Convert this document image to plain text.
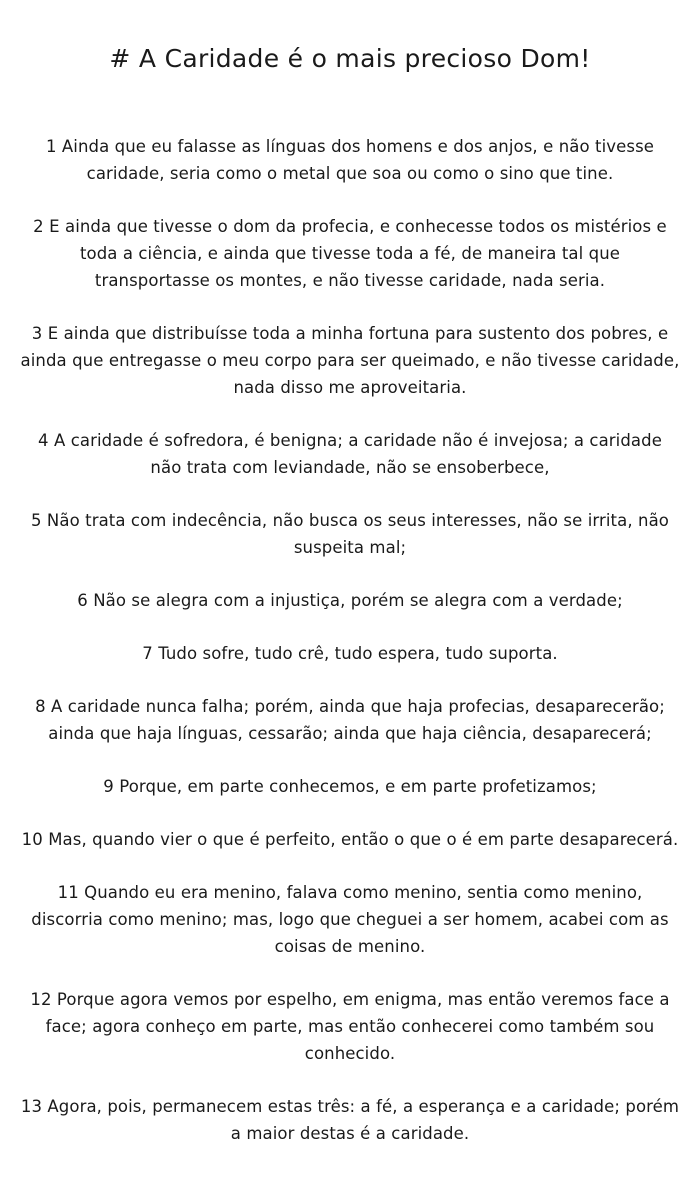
# A Caridade é o mais precioso Dom!

1 Ainda que eu falasse as línguas dos homens e dos anjos, e não tivesse caridade, seria como o metal que soa ou como o sino que tine.

2 E ainda que tivesse o dom da profecia, e conhecesse todos os mistérios e toda a ciência, e ainda que tivesse toda a fé, de maneira tal que transportasse os montes, e não tivesse caridade, nada seria.

3 E ainda que distribuísse toda a minha fortuna para sustento dos pobres, e ainda que entregasse o meu corpo para ser queimado, e não tivesse caridade, nada disso me aproveitaria.

4 A caridade é sofredora, é benigna; a caridade não é invejosa; a caridade não trata com leviandade, não se ensoberbece,

5 Não trata com indecência, não busca os seus interesses, não se irrita, não suspeita mal;

6 Não se alegra com a injustiça, porém se alegra com a verdade;

7 Tudo sofre, tudo crê, tudo espera, tudo suporta.

8 A caridade nunca falha; porém, ainda que haja profecias, desaparecerão; ainda que haja línguas, cessarão; ainda que haja ciência, desaparecerá;

9 Porque, em parte conhecemos, e em parte profetizamos;

10 Mas, quando vier o que é perfeito, então o que o é em parte desaparecerá.

11 Quando eu era menino, falava como menino, sentia como menino, discorria como menino; mas, logo que cheguei a ser homem, acabei com as coisas de menino.

12 Porque agora vemos por espelho, em enigma, mas então veremos face a face; agora conheço em parte, mas então conhecerei como também sou conhecido.

13 Agora, pois, permanecem estas três: a fé, a esperança e a caridade; porém a maior destas é a caridade.
